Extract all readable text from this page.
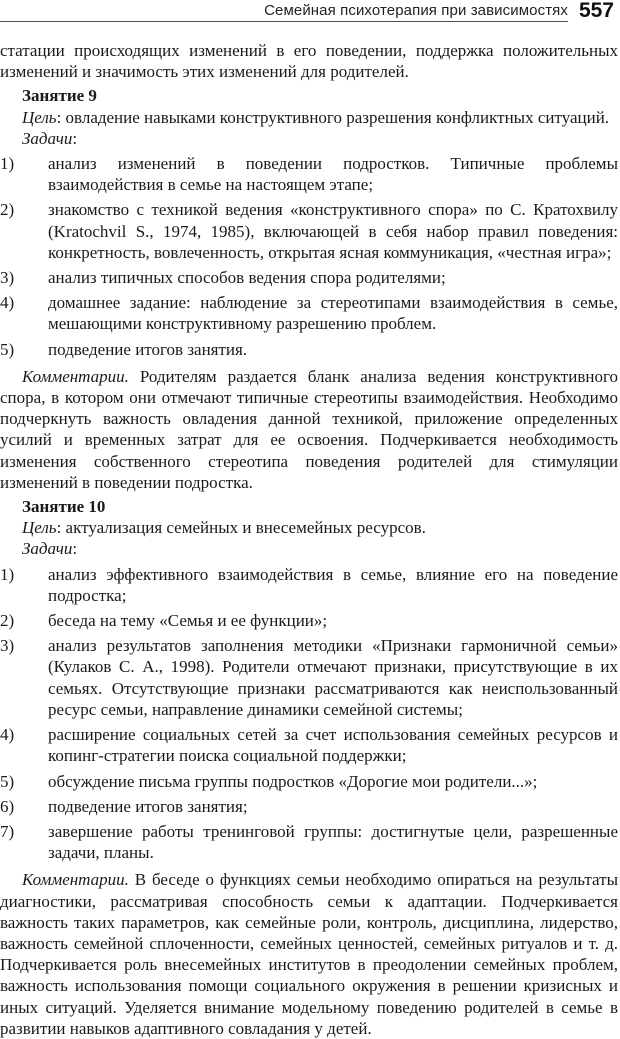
Семейная психотерапия при зависимостях 557

статации происходящих изменений в его поведении, поддержка положительных изменений и значимость этих изменений для родителей.

Занятие 9

Цель: овладение навыками конструктивного разрешения конфликтных ситуаций.

Задачи:

1) анализ изменений в поведении подростков. Типичные проблемы взаимодействия в семье на настоящем этапе;
2) знакомство с техникой ведения «конструктивного спора» по С. Кратохвилу (Kratochvil S., 1974, 1985), включающей в себя набор правил поведения: конкретность, вовлеченность, открытая ясная коммуникация, «честная игра»;
3) анализ типичных способов ведения спора родителями;
4) домашнее задание: наблюдение за стереотипами взаимодействия в семье, мешающими конструктивному разрешению проблем.
5) подведение итогов занятия.

Комментарии. Родителям раздается бланк анализа ведения конструктивного спора, в котором они отмечают типичные стереотипы взаимодействия. Необходимо подчеркнуть важность овладения данной техникой, приложение определенных усилий и временных затрат для ее освоения. Подчеркивается необходимость изменения собственного стереотипа поведения родителей для стимуляции изменений в поведении подростка.

Занятие 10

Цель: актуализация семейных и внесемейных ресурсов.

Задачи:

1) анализ эффективного взаимодействия в семье, влияние его на поведение подростка;
2) беседа на тему «Семья и ее функции»;
3) анализ результатов заполнения методики «Признаки гармоничной семьи» (Кулаков С. А., 1998). Родители отмечают признаки, присутствующие в их семьях. Отсутствующие признаки рассматриваются как неиспользованный ресурс семьи, направление динамики семейной системы;
4) расширение социальных сетей за счет использования семейных ресурсов и копинг-стратегии поиска социальной поддержки;
5) обсуждение письма группы подростков «Дорогие мои родители...»;
6) подведение итогов занятия;
7) завершение работы тренинговой группы: достигнутые цели, разрешенные задачи, планы.

Комментарии. В беседе о функциях семьи необходимо опираться на результаты диагностики, рассматривая способность семьи к адаптации. Подчеркивается важность таких параметров, как семейные роли, контроль, дисциплина, лидерство, важность семейной сплоченности, семейных ценностей, семейных ритуалов и т. д. Подчеркивается роль внесемейных институтов в преодолении семейных проблем, важность использования помощи социального окружения в решении кризисных и иных ситуаций. Уделяется внимание модельному поведению родителей в семье в развитии навыков адаптивного совладания у детей.
